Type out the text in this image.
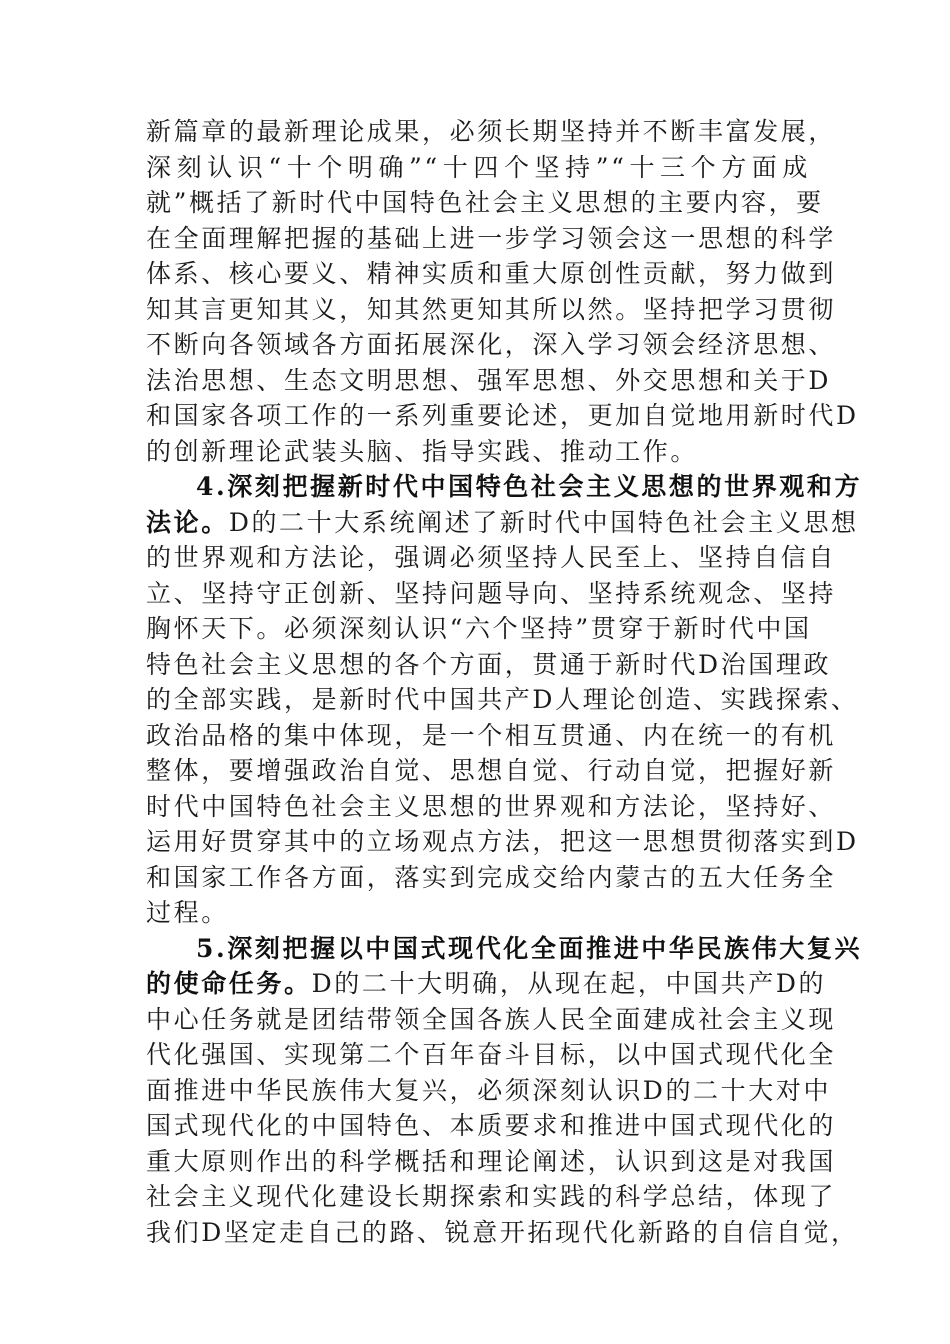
新篇章的最新理论成果，必须长期坚持并不断丰富发展，
深刻认识“十个明确”“十四个坚持”“十三个方面成
就”概括了新时代中国特色社会主义思想的主要内容，要
在全面理解把握的基础上进一步学习领会这一思想的科学
体系、核心要义、精神实质和重大原创性贡献，努力做到
知其言更知其义，知其然更知其所以然。坚持把学习贯彻
不断向各领域各方面拓展深化，深入学习领会经济思想、
法治思想、生态文明思想、强军思想、外交思想和关于D
和国家各项工作的一系列重要论述，更加自觉地用新时代D
的创新理论武装头脑、指导实践、推动工作。
4.深刻把握新时代中国特色社会主义思想的世界观和方
法论。D的二十大系统阐述了新时代中国特色社会主义思想
的世界观和方法论，强调必须坚持人民至上、坚持自信自
立、坚持守正创新、坚持问题导向、坚持系统观念、坚持
胸怀天下。必须深刻认识“六个坚持”贯穿于新时代中国
特色社会主义思想的各个方面，贯通于新时代D治国理政
的全部实践，是新时代中国共产D人理论创造、实践探索、
政治品格的集中体现，是一个相互贯通、内在统一的有机
整体，要增强政治自觉、思想自觉、行动自觉，把握好新
时代中国特色社会主义思想的世界观和方法论，坚持好、
运用好贯穿其中的立场观点方法，把这一思想贯彻落实到D
和国家工作各方面，落实到完成交给内蒙古的五大任务全
过程。
5.深刻把握以中国式现代化全面推进中华民族伟大复兴
的使命任务。D的二十大明确，从现在起，中国共产D的
中心任务就是团结带领全国各族人民全面建成社会主义现
代化强国、实现第二个百年奋斗目标，以中国式现代化全
面推进中华民族伟大复兴，必须深刻认识D的二十大对中
国式现代化的中国特色、本质要求和推进中国式现代化的
重大原则作出的科学概括和理论阐述，认识到这是对我国
社会主义现代化建设长期探索和实践的科学总结，体现了
我们D坚定走自己的路、锐意开拓现代化新路的自信自觉，
